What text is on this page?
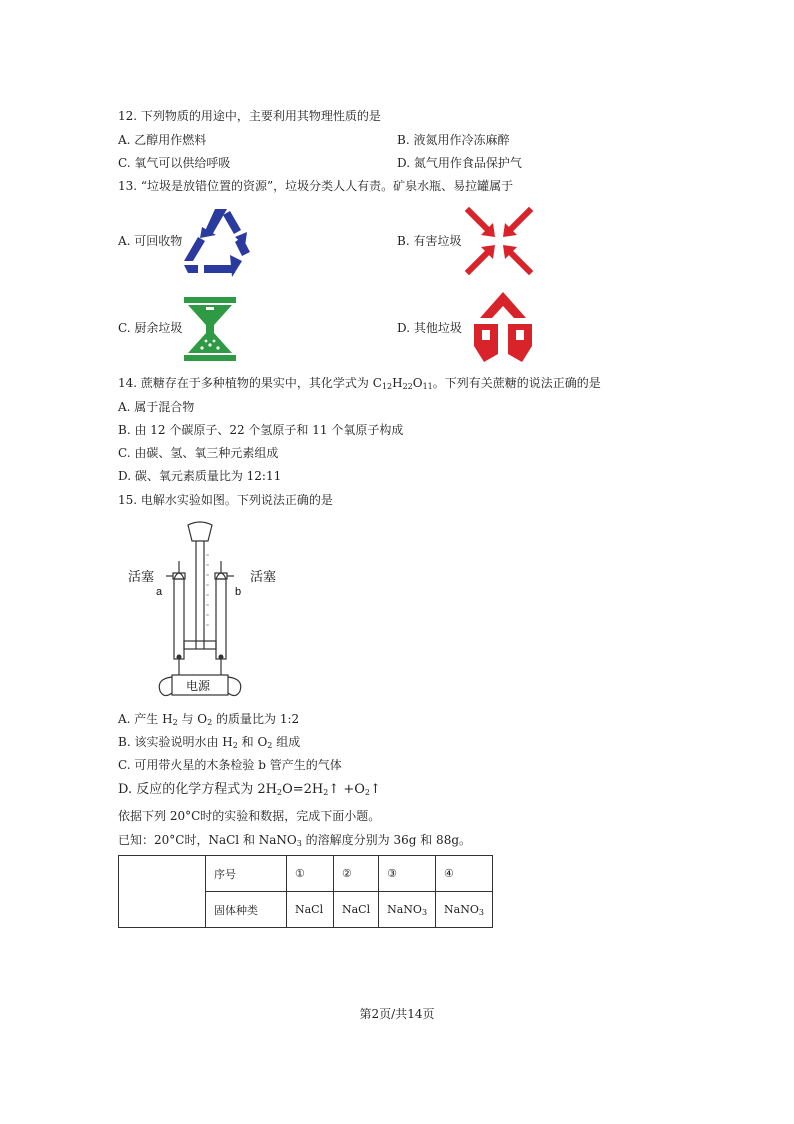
12. 下列物质的用途中，主要利用其物理性质的是
A. 乙醇用作燃料	B. 液氮用作冷冻麻醉
C. 氧气可以供给呼吸	D. 氮气用作食品保护气
13. “垃圾是放错位置的资源”，垃圾分类人人有责。矿泉水瓶、易拉罐属于
A. 可回收物	B. 有害垃圾
C. 厨余垃圾	D. 其他垃圾
14. 蔗糖存在于多种植物的果实中，其化学式为 $C_{12}H_{22}O_{11}$。下列有关蔗糖的说法正确的是
A. 属于混合物
B. 由 12 个碳原子、22 个氢原子和 11 个氧原子构成
C. 由碳、氢、氧三种元素组成
D. 碳、氧元素质量比为 12:11
15. 电解水实验如图。下列说法正确的是
活塞	活塞
a	b
电源
A. 产生 $H_2$ 与 $O_2$ 的质量比为 1:2
B. 该实验说明水由 $H_2$ 和 $O_2$ 组成
C. 可用带火星的木条检验 b 管产生的气体
D. 反应的化学方程式为 $2H_2O=2H_2↑$ $+O_2↑$
依据下列 20°C时的实验和数据，完成下面小题。
已知：20°C时，NaCl 和 NaNO$_3$ 的溶解度分别为 36g 和 88g。
	序号	①	②	③	④
	固体种类	NaCl	NaCl	NaNO$_3$	NaNO$_3$
第2页/共14页
